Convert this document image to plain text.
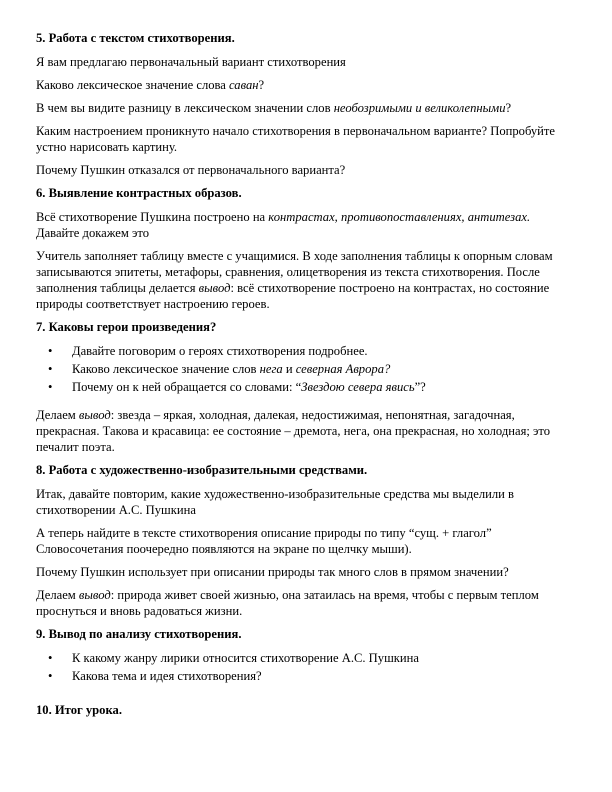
5. Работа с текстом стихотворения.
Я вам предлагаю первоначальный вариант стихотворения
Каково лексическое значение слова саван?
В чем вы видите разницу в лексическом значении слов необозримыми и великолепными?
Каким настроением проникнуто начало стихотворения в первоначальном варианте? Попробуйте устно нарисовать картину.
Почему Пушкин отказался от первоначального варианта?
6. Выявление контрастных образов.
Всё стихотворение Пушкина построено на контрастах, противопоставлениях, антитезах. Давайте докажем это
Учитель заполняет таблицу вместе с учащимися. В ходе заполнения таблицы к опорным словам записываются эпитеты, метафоры, сравнения, олицетворения из текста стихотворения. После заполнения таблицы делается вывод: всё стихотворение построено на контрастах, но состояние природы соответствует настроению героев.
7. Каковы герои произведения?
• Давайте поговорим о героях стихотворения подробнее.
• Каково лексическое значение слов нега и северная Аврора?
• Почему он к ней обращается со словами: “Звездою севера явись”?
Делаем вывод: звезда – яркая, холодная, далекая, недостижимая, непонятная, загадочная, прекрасная. Такова и красавица: ее состояние – дремота, нега, она прекрасная, но холодная; это печалит поэта.
8. Работа с художественно-изобразительными средствами.
Итак, давайте повторим, какие художественно-изобразительные средства мы выделили в стихотворении А.С. Пушкина
А теперь найдите в тексте стихотворения описание природы по типу “сущ. + глагол” Словосочетания поочередно появляются на экране по щелчку мыши).
Почему Пушкин использует при описании природы так много слов в прямом значении?
Делаем вывод: природа живет своей жизнью, она затаилась на время, чтобы с первым теплом проснуться и вновь радоваться жизни.
9. Вывод по анализу стихотворения.
• К какому жанру лирики относится стихотворение А.С. Пушкина
• Какова тема и идея стихотворения?
10. Итог урока.
